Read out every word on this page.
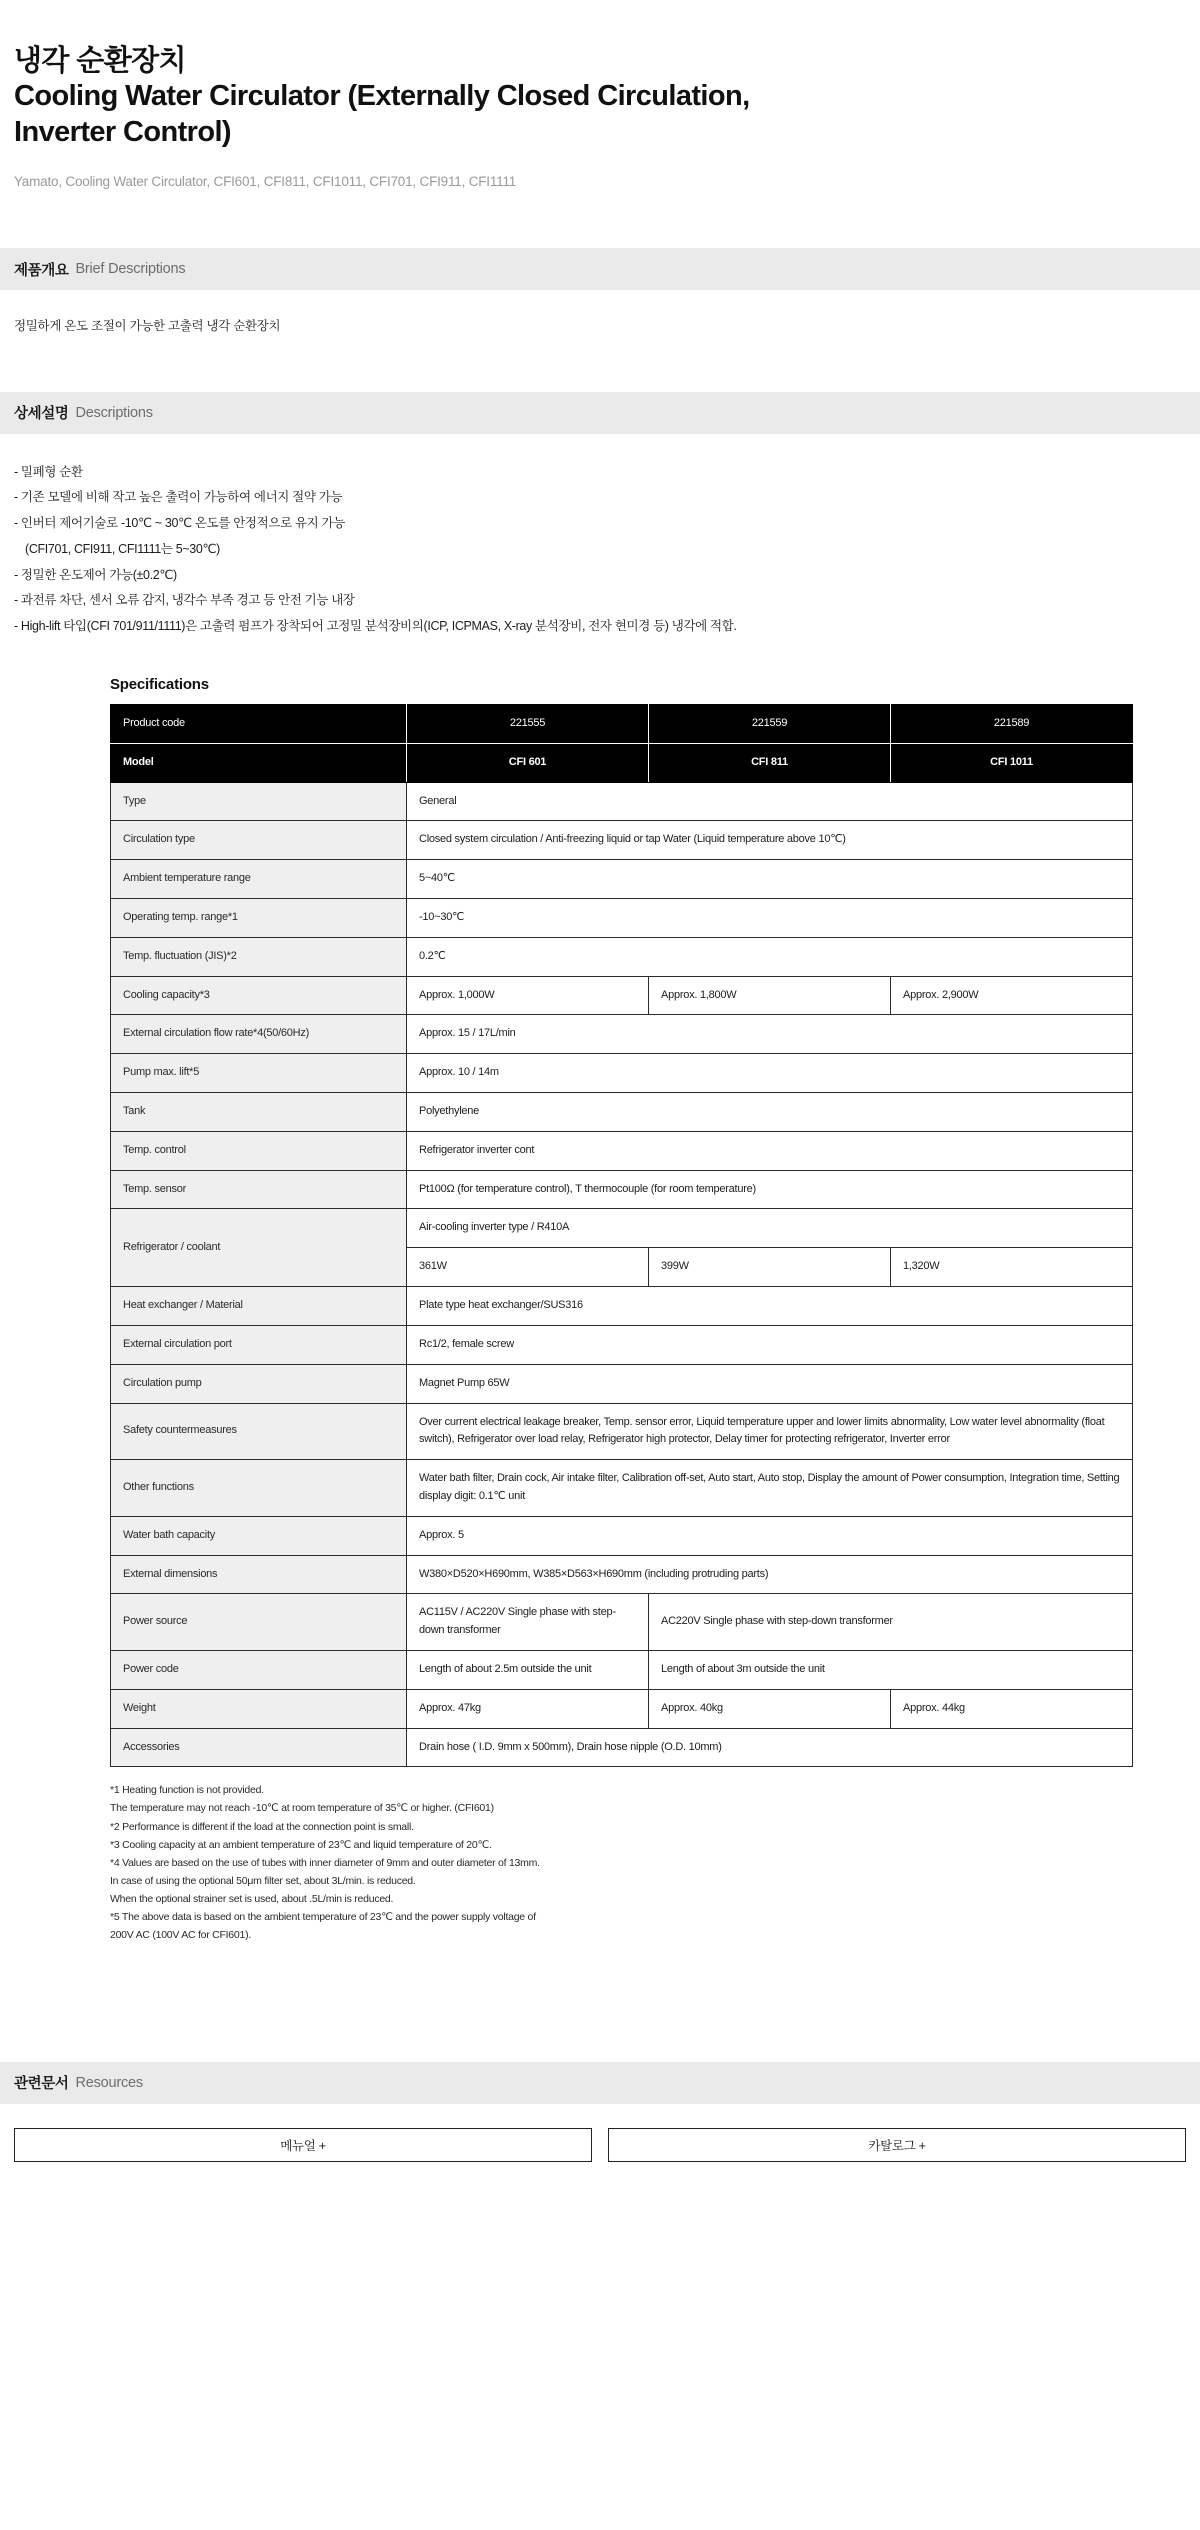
냉각 순환장치
Cooling Water Circulator (Externally Closed Circulation, Inverter Control)
Yamato, Cooling Water Circulator, CFI601, CFI811, CFI1011, CFI701, CFI911, CFI1111
제품개요 Brief Descriptions
정밀하게 온도 조절이 가능한 고출력 냉각 순환장치
상세설명 Descriptions
- 밀폐형 순환
- 기존 모델에 비해 작고 높은 출력이 가능하여 에너지 절약 가능
- 인버터 제어기술로 -10℃ ~ 30℃ 온도를 안정적으로 유지 가능
(CFI701, CFI911, CFI1111는 5~30℃)
- 정밀한 온도제어 가능(±0.2℃)
- 과전류 차단, 센서 오류 감지, 냉각수 부족 경고 등 안전 기능 내장
- High-lift 타입(CFI 701/911/1111)은 고출력 펌프가 장착되어 고정밀 분석장비의(ICP, ICPMAS, X-ray 분석장비, 전자 현미경 등) 냉각에 적합.
Specifications
Product code	221555	221559	221589
Model	CFI 601	CFI 811	CFI 1011
Type	General		
Circulation type	Closed system circulation / Anti-freezing liquid or tap Water (Liquid temperature above 10℃)		
Ambient temperature range	5~40℃		
Operating temp. range*1	-10~30℃		
Temp. fluctuation (JIS)*2	0.2℃		
Cooling capacity*3	Approx. 1,000W	Approx. 1,800W	Approx. 2,900W
External circulation flow rate*4(50/60Hz)	Approx. 15 / 17L/min		
Pump max. lift*5	Approx. 10 / 14m		
Tank	Polyethylene		
Temp. control	Refrigerator inverter cont		
Temp. sensor	Pt100Ω (for temperature control), T thermocouple (for room temperature)		
Refrigerator / coolant	Air-cooling inverter type / R410A		
	361W	399W	1,320W
Heat exchanger / Material	Plate type heat exchanger/SUS316		
External circulation port	Rc1/2, female screw		
Circulation pump	Magnet Pump 65W		
Safety countermeasures	Over current electrical leakage breaker, Temp. sensor error, Liquid temperature upper and lower limits abnormality, Low water level abnormality (float switch), Refrigerator over load relay, Refrigerator high protector, Delay timer for protecting refrigerator, Inverter error		
Other functions	Water bath filter, Drain cock, Air intake filter, Calibration off-set, Auto start, Auto stop, Display the amount of Power consumption, Integration time, Setting display digit: 0.1℃ unit		
Water bath capacity	Approx. 5		
External dimensions	W380×D520×H690mm, W385×D563×H690mm (including protruding parts)		
Power source	AC115V / AC220V Single phase with step-down transformer	AC220V Single phase with step-down transformer	
Power code	Length of about 2.5m outside the unit	Length of about 3m outside the unit	
Weight	Approx. 47kg	Approx. 40kg	Approx. 44kg
Accessories	Drain hose ( I.D. 9mm x 500mm), Drain hose nipple (O.D. 10mm)		
*1 Heating function is not provided.
The temperature may not reach -10℃ at room temperature of 35℃ or higher. (CFI601)
*2 Performance is different if the load at the connection point is small.
*3 Cooling capacity at an ambient temperature of 23℃ and liquid temperature of 20℃.
*4 Values are based on the use of tubes with inner diameter of 9mm and outer diameter of 13mm.
In case of using the optional 50μm filter set, about 3L/min. is reduced.
When the optional strainer set is used, about .5L/min is reduced.
*5 The above data is based on the ambient temperature of 23℃ and the power supply voltage of
200V AC (100V AC for CFI601).
관련문서 Resources
메뉴얼 +	카탈로그 +
